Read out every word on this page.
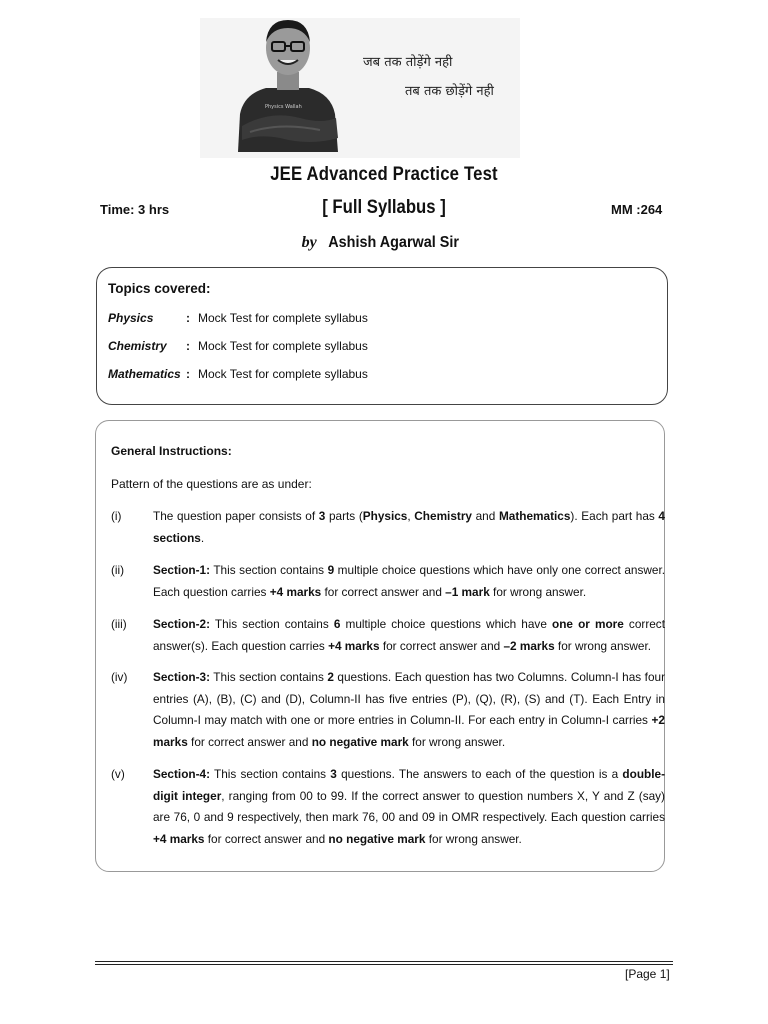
Physics Wallah
जब तक तोड़ेंगे नही
तब तक छोड़ेंगे नही
JEE Advanced Practice Test
[ Full Syllabus ]
Time: 3 hrs	MM :264
by Ashish Agarwal Sir
Topics covered:
Physics	: Mock Test for complete syllabus
Chemistry	: Mock Test for complete syllabus
Mathematics : Mock Test for complete syllabus
General Instructions:
Pattern of the questions are as under:
(i)	The question paper consists of 3 parts (Physics, Chemistry and Mathematics). Each part has 4 sections.
(ii) Section-1: This section contains 9 multiple choice questions which have only one correct answer. Each question carries +4 marks for correct answer and –1 mark for wrong answer.
(iii) Section-2: This section contains 6 multiple choice questions which have one or more correct answer(s). Each question carries +4 marks for correct answer and –2 marks for wrong answer.
(iv) Section-3: This section contains 2 questions. Each question has two Columns. Column-I has four entries (A), (B), (C) and (D), Column-II has five entries (P), (Q), (R), (S) and (T). Each Entry in Column-I may match with one or more entries in Column-II. For each entry in Column-I carries +2 marks for correct answer and no negative mark for wrong answer.
(v) Section-4: This section contains 3 questions. The answers to each of the question is a double-digit integer, ranging from 00 to 99. If the correct answer to question numbers X, Y and Z (say) are 76, 0 and 9 respectively, then mark 76, 00 and 09 in OMR respectively. Each question carries +4 marks for correct answer and no negative mark for wrong answer.
[Page 1]
